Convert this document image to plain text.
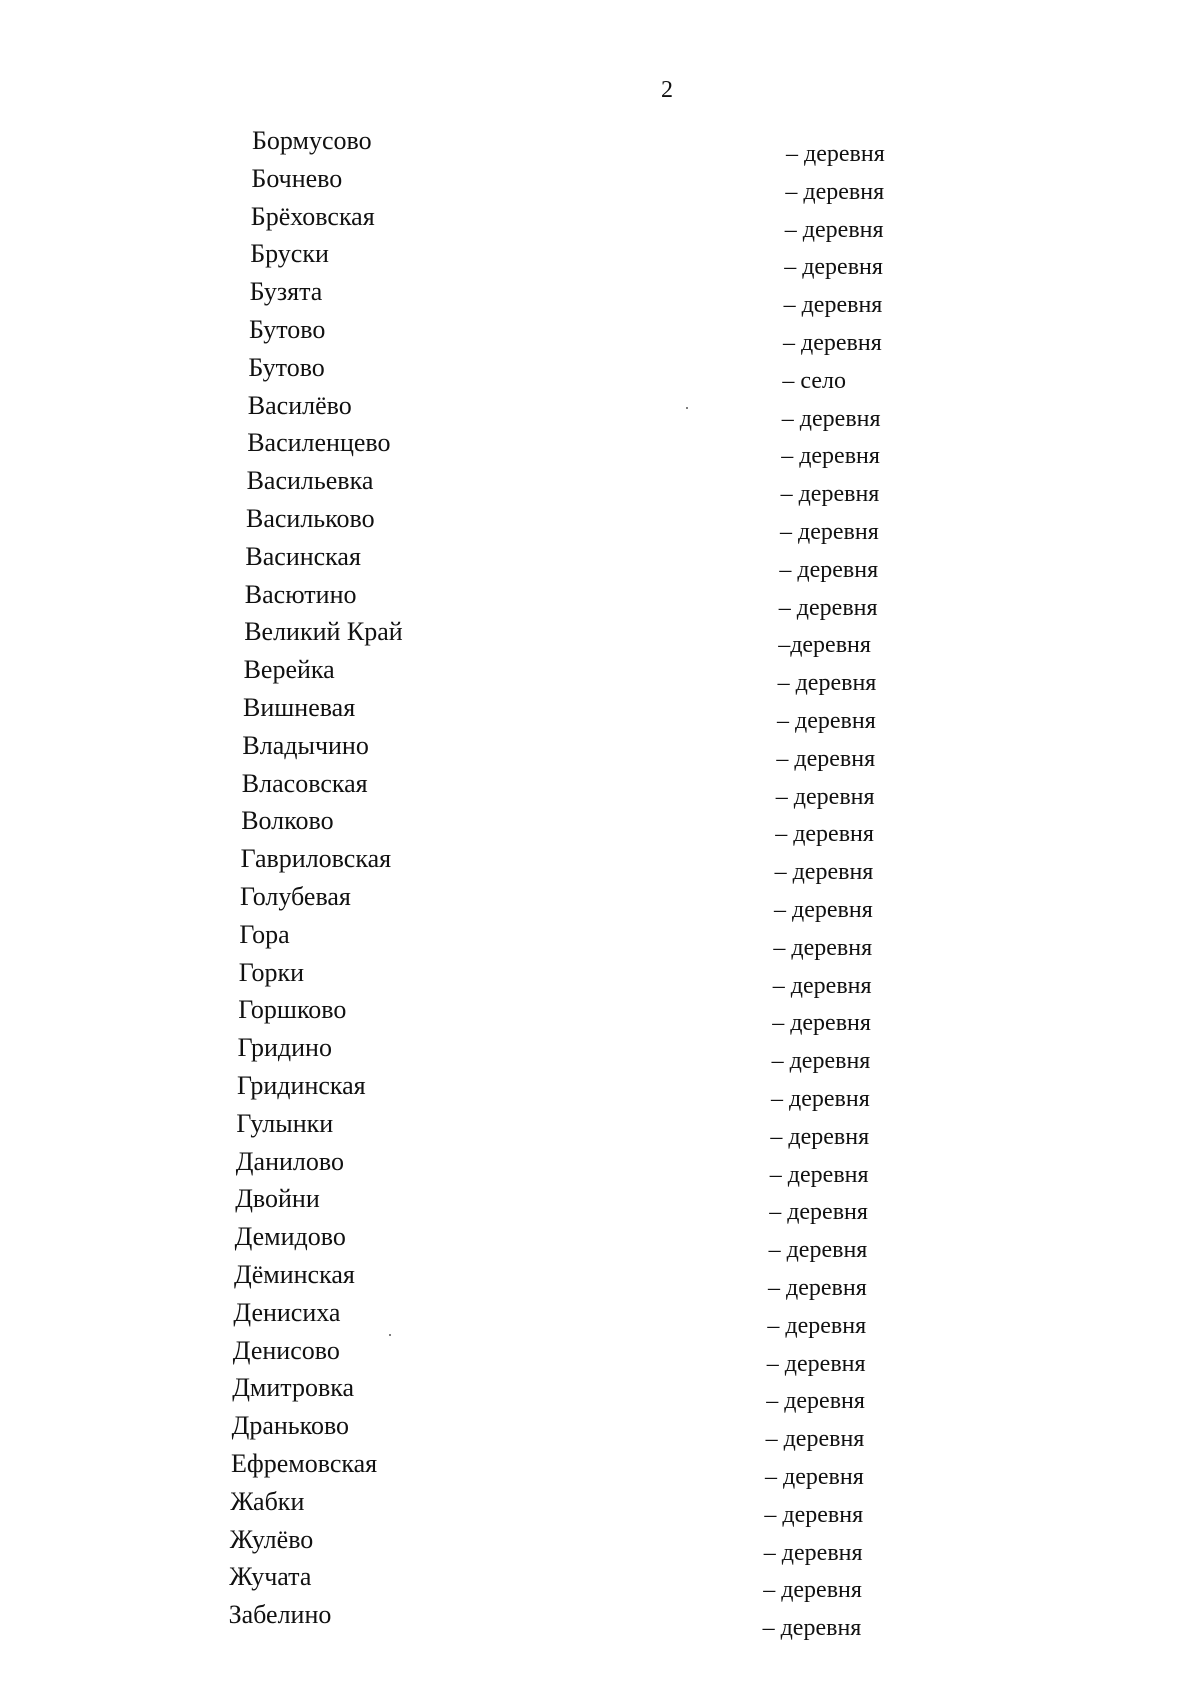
2
Бормусово	– деревня
Бочнево	– деревня
Брёховская	– деревня
Бруски	– деревня
Бузята	– деревня
Бутово	– деревня
Бутово	– село
Василёво	– деревня
Василенцево	– деревня
Васильевка	– деревня
Васильково	– деревня
Васинская	– деревня
Васютино	– деревня
Великий Край	–деревня
Верейка	– деревня
Вишневая	– деревня
Владычино	– деревня
Власовская	– деревня
Волково	– деревня
Гавриловская	– деревня
Голубевая	– деревня
Гора	– деревня
Горки	– деревня
Горшково	– деревня
Гридино	– деревня
Гридинская	– деревня
Гулынки	– деревня
Данилово	– деревня
Двойни	– деревня
Демидово	– деревня
Дёминская	– деревня
Денисиха	– деревня
Денисово	– деревня
Дмитровка	– деревня
Драньково	– деревня
Ефремовская	– деревня
Жабки	– деревня
Жулёво	– деревня
Жучата	– деревня
Забелино	– деревня
